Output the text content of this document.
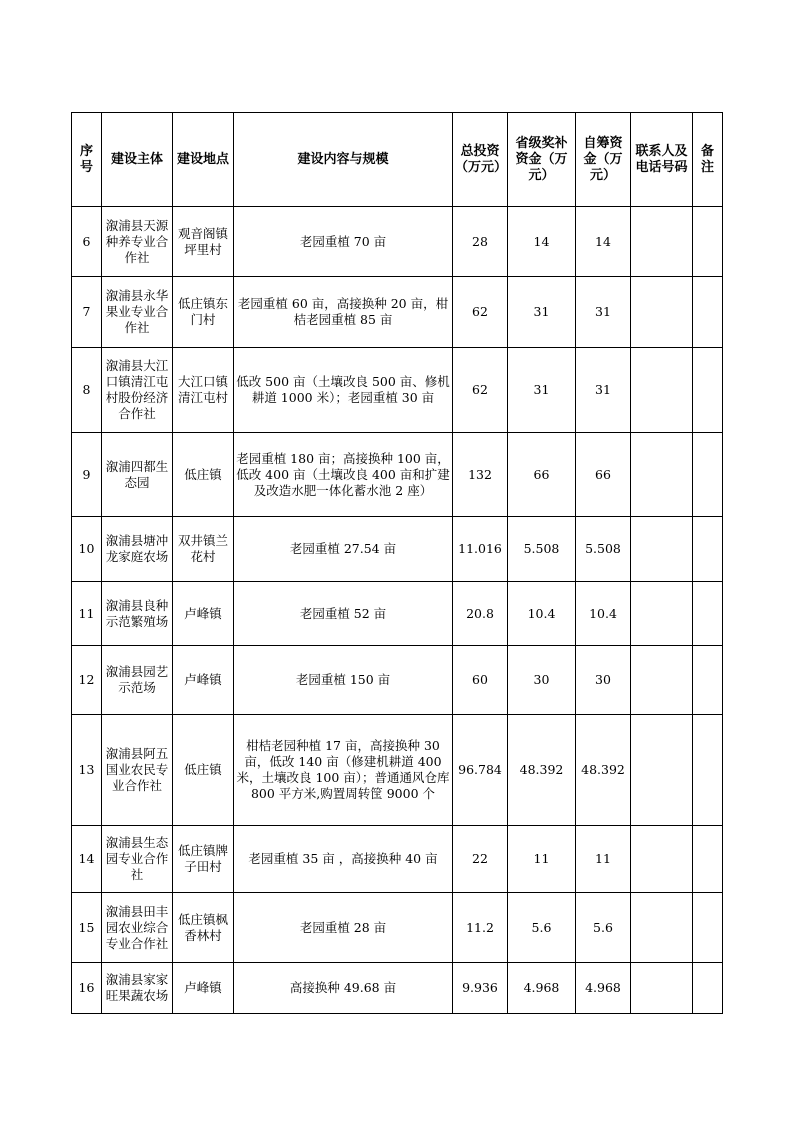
序号	建设主体	建设地点	建设内容与规模	总投资（万元）	省级奖补资金（万元）	自筹资金（万元）	联系人及电话号码	备注
6	溆浦县天源种养专业合作社	观音阁镇坪里村	老园重植 70 亩	28	14	14		
7	溆浦县永华果业专业合作社	低庄镇东门村	老园重植 60 亩，高接换种 20 亩，柑桔老园重植 85 亩	62	31	31		
8	溆浦县大江口镇清江屯村股份经济合作社	大江口镇清江屯村	低改 500 亩（土壤改良 500 亩、修机耕道 1000 米）；老园重植 30 亩	62	31	31		
9	溆浦四都生态园	低庄镇	老园重植 180 亩；高接换种 100 亩，低改 400 亩（土壤改良 400 亩和扩建及改造水肥一体化蓄水池 2 座）	132	66	66		
10	溆浦县塘冲龙家庭农场	双井镇兰花村	老园重植 27.54 亩	11.016	5.508	5.508		
11	溆浦县良种示范繁殖场	卢峰镇	老园重植 52 亩	20.8	10.4	10.4		
12	溆浦县园艺示范场	卢峰镇	老园重植 150 亩	60	30	30		
13	溆浦县阿五国业农民专业合作社	低庄镇	柑桔老园种植 17 亩，高接换种 30 亩，低改 140 亩（修建机耕道 400 米，土壤改良 100 亩）；普通通风仓库 800 平方米,购置周转筐 9000 个	96.784	48.392	48.392		
14	溆浦县生态园专业合作社	低庄镇牌子田村	老园重植 35 亩 ，高接换种 40 亩	22	11	11		
15	溆浦县田丰园农业综合专业合作社	低庄镇枫香林村	老园重植 28 亩	11.2	5.6	5.6		
16	溆浦县家家旺果蔬农场	卢峰镇	高接换种 49.68 亩	9.936	4.968	4.968		
